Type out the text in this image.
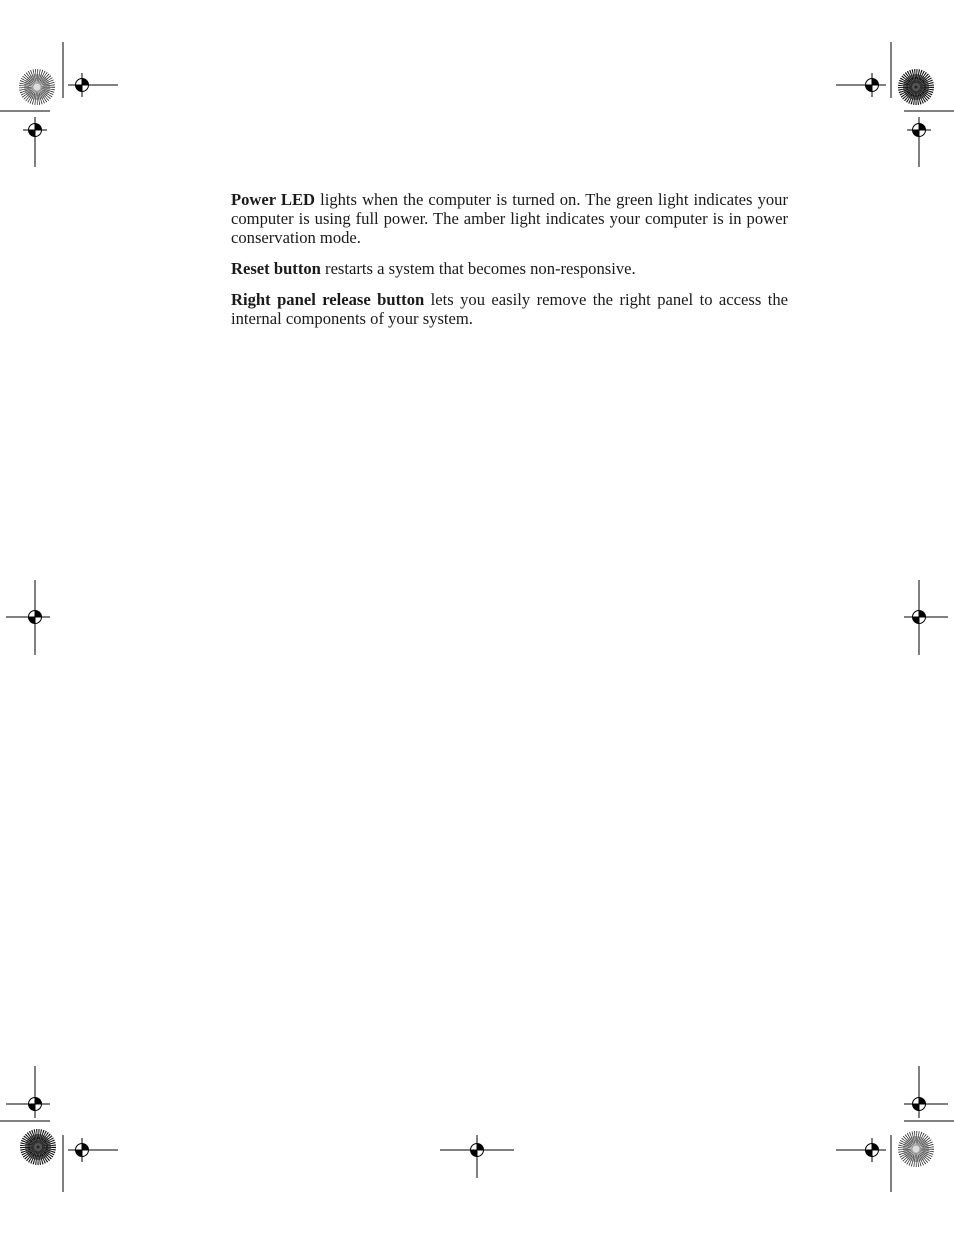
Power LED lights when the computer is turned on. The green light indicates your computer is using full power. The amber light indicates your computer is in power conservation mode.

Reset button restarts a system that becomes non-responsive.

Right panel release button lets you easily remove the right panel to access the internal components of your system.
